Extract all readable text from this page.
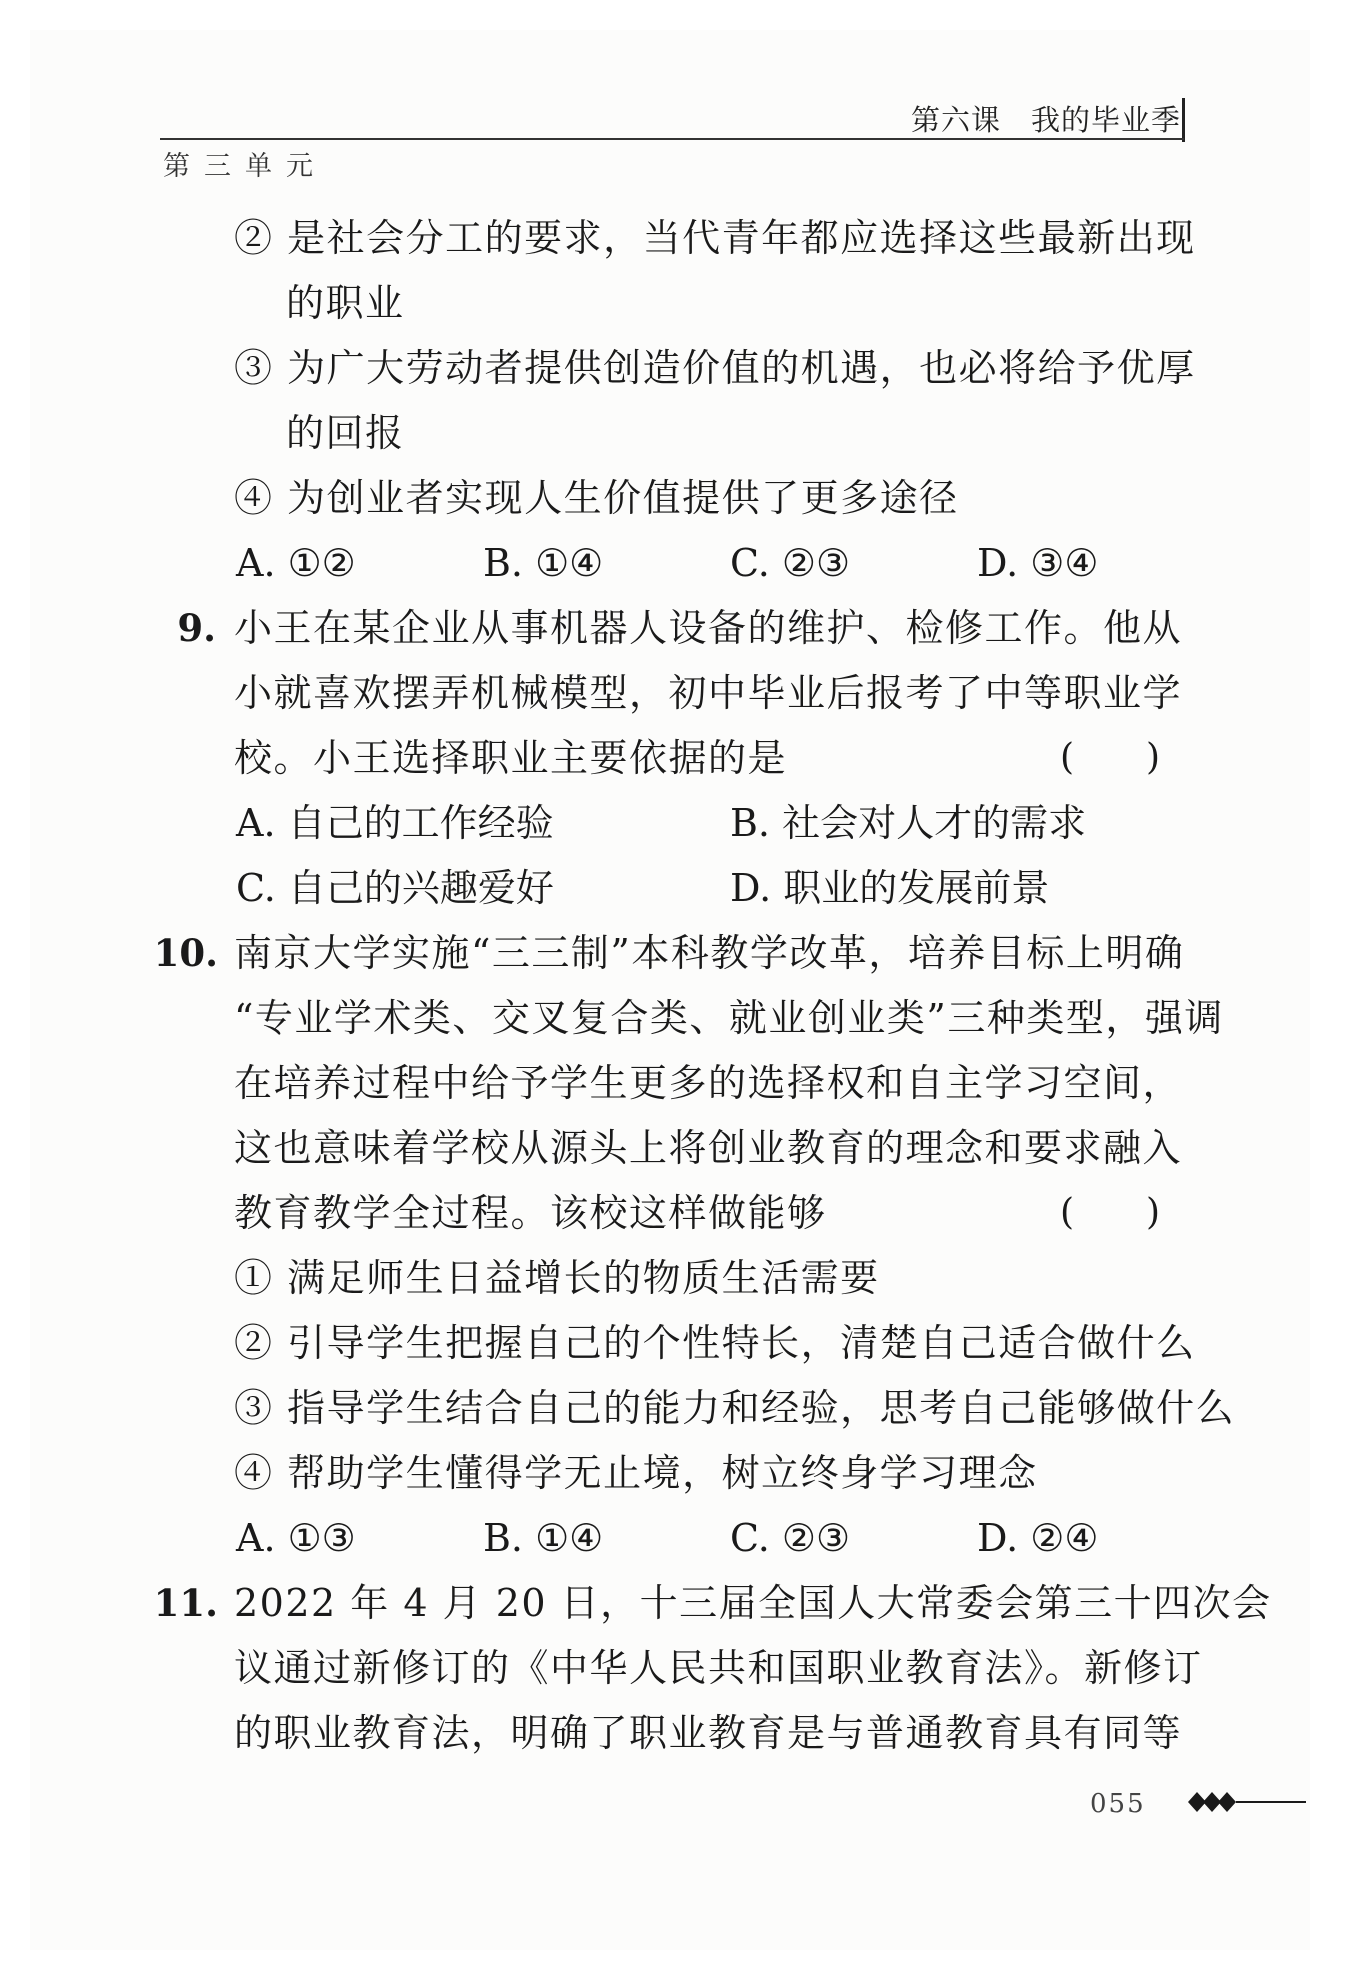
第六课　我的毕业季
第三单元
② 是社会分工的要求，当代青年都应选择这些最新出现
的职业
③ 为广大劳动者提供创造价值的机遇，也必将给予优厚
的回报
④ 为创业者实现人生价值提供了更多途径
A. ①②	B. ①④	C. ②③	D. ③④
9. 小王在某企业从事机器人设备的维护、检修工作。他从
小就喜欢摆弄机械模型，初中毕业后报考了中等职业学
校。小王选择职业主要依据的是	(　　)
A. 自己的工作经验	B. 社会对人才的需求
C. 自己的兴趣爱好	D. 职业的发展前景
10. 南京大学实施“三三制”本科教学改革，培养目标上明确
“专业学术类、交叉复合类、就业创业类”三种类型，强调
在培养过程中给予学生更多的选择权和自主学习空间，
这也意味着学校从源头上将创业教育的理念和要求融入
教育教学全过程。该校这样做能够	(　　)
① 满足师生日益增长的物质生活需要
② 引导学生把握自己的个性特长，清楚自己适合做什么
③ 指导学生结合自己的能力和经验，思考自己能够做什么
④ 帮助学生懂得学无止境，树立终身学习理念
A. ①③	B. ①④	C. ②③	D. ②④
11. 2022 年 4 月 20 日，十三届全国人大常委会第三十四次会
议通过新修订的《中华人民共和国职业教育法》。新修订
的职业教育法，明确了职业教育是与普通教育具有同等
055
